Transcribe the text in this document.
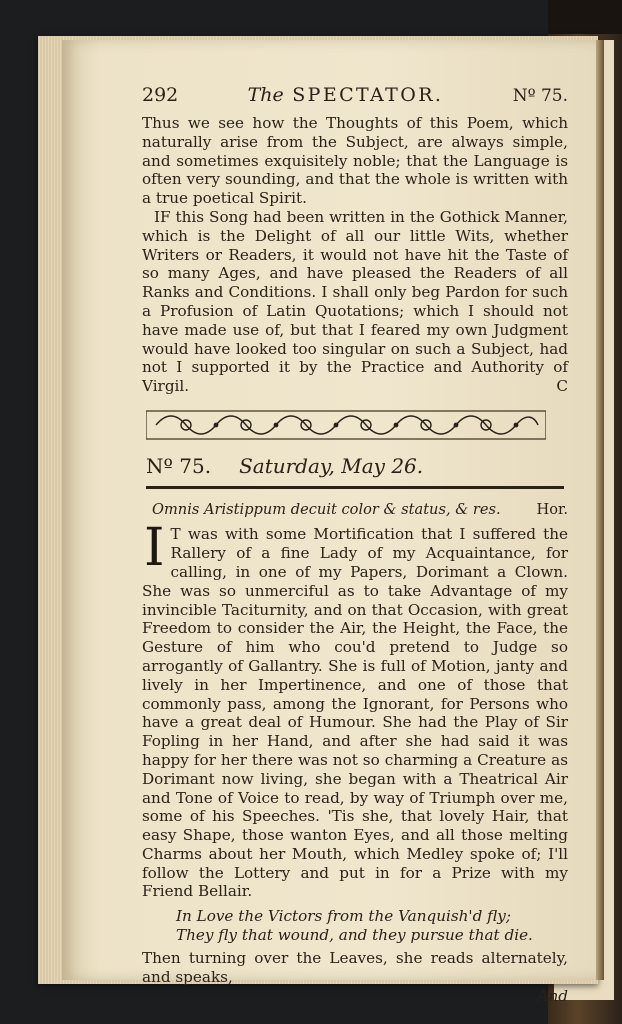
292	The SPECTATOR.	Nº 75.

Thus we see how the Thoughts of this Poem, which naturally arise from the Subject, are always simple, and sometimes exquisitely noble; that the Language is often very sounding, and that the whole is written with a true poetical Spirit.

IF this Song had been written in the Gothick Manner, which is the Delight of all our little Wits, whether Writers or Readers, it would not have hit the Taste of so many Ages, and have pleased the Readers of all Ranks and Conditions. I shall only beg Pardon for such a Profusion of Latin Quotations; which I should not have made use of, but that I feared my own Judgment would have looked too singular on such a Subject, had not I supported it by the Practice and Authority of Virgil.	C
Nº 75. Saturday, May 26.
Omnis Aristippum decuit color & status, & res. Hor.
I T was with some Mortification that I suffered the Rallery of a fine Lady of my Acquaintance, for calling, in one of my Papers, Dorimant a Clown. She was so unmerciful as to take Advantage of my invincible Taciturnity, and on that Occasion, with great Freedom to consider the Air, the Height, the Face, the Gesture of him who cou'd pretend to Judge so arrogantly of Gallantry. She is full of Motion, janty and lively in her Impertinence, and one of those that commonly pass, among the Ignorant, for Persons who have a great deal of Humour. She had the Play of Sir Fopling in her Hand, and after she had said it was happy for her there was not so charming a Creature as Dorimant now living, she began with a Theatrical Air and Tone of Voice to read, by way of Triumph over me, some of his Speeches. 'Tis she, that lovely Hair, that easy Shape, those wanton Eyes, and all those melting Charms about her Mouth, which Medley spoke of; I'll follow the Lottery and put in for a Prize with my Friend Bellair.

In Love the Victors from the Vanquish'd fly;
They fly that wound, and they pursue that die.

Then turning over the Leaves, she reads alternately, and speaks,

And
